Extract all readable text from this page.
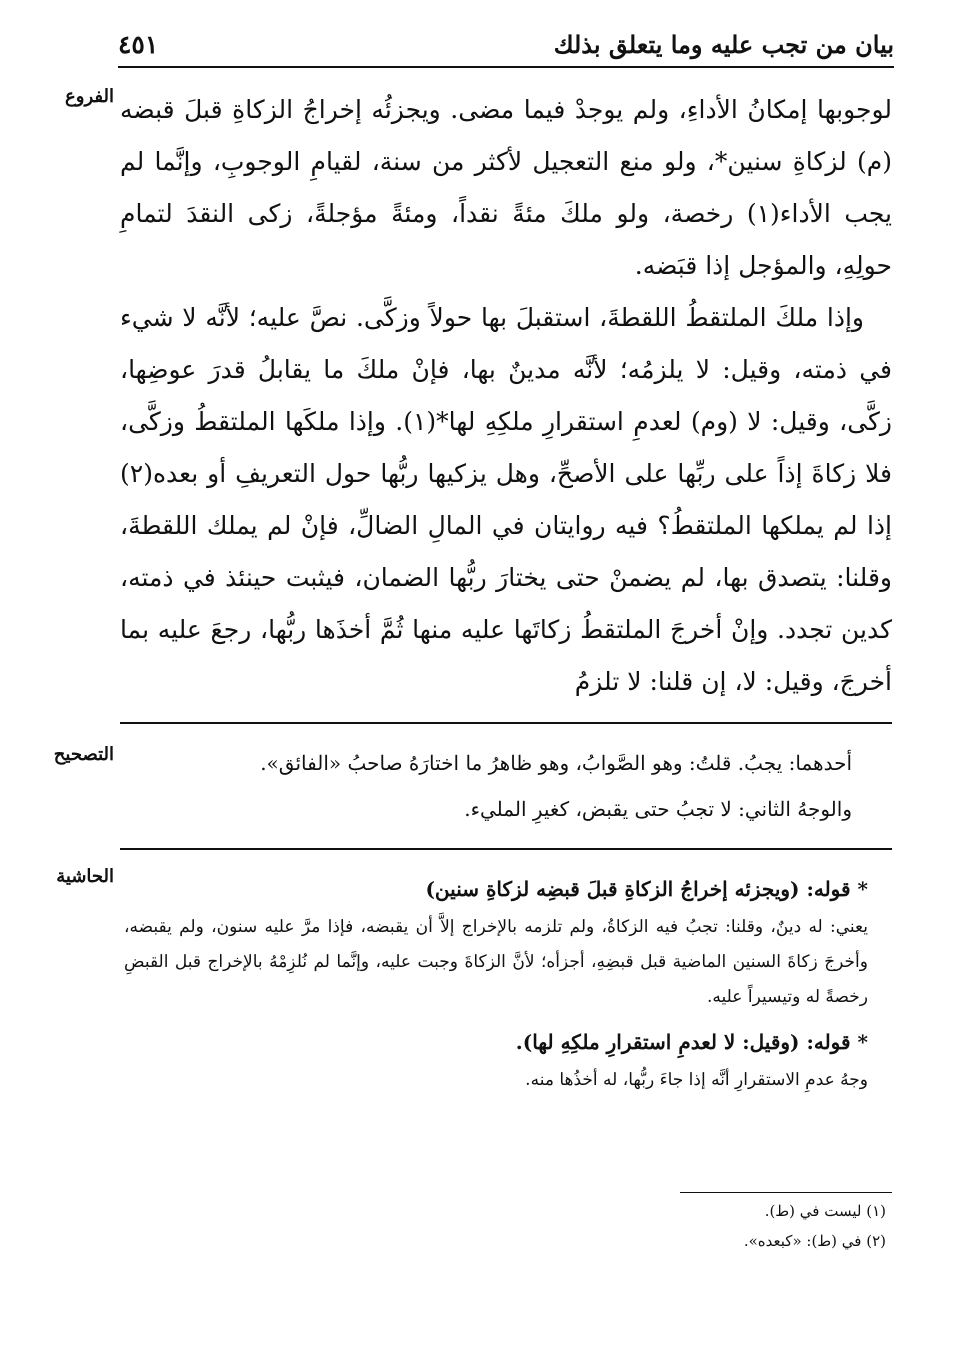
بيان من تجب عليه وما يتعلق بذلك
٤٥١
الفروع لوجوبها إمكانُ الأداءِ، ولم يوجدْ فيما مضى. ويجزئُه إخراجُ الزكاةِ قبلَ قبضه (م) لزكاةِ سنين*، ولو منع التعجيل لأكثر من سنة، لقيامِ الوجوبِ، وإنَّما لم يجب الأداء(١) رخصة، ولو ملكَ مئةً نقداً، ومئةً مؤجلةً، زكى النقدَ لتمامِ حولِهِ، والمؤجل إذا قبَضه.

وإذا ملكَ الملتقطُ اللقطةَ، استقبلَ بها حولاً وزكَّى. نصَّ عليه؛ لأنَّه لا شيء في ذمته، وقيل: لا يلزمُه؛ لأنَّه مدينٌ بها، فإنْ ملكَ ما يقابلُ قدرَ عوضِها، زكَّى، وقيل: لا (وم) لعدمِ استقرارِ ملكِهِ لها*(١). وإذا ملكَها الملتقطُ وزكَّى، فلا زكاةَ إذاً على ربِّها على الأصحِّ، وهل يزكيها ربُّها حول التعريفِ أو بعده(٢) إذا لم يملكها الملتقطُ؟ فيه روايتان في المالِ الضالِّ، فإنْ لم يملك اللقطةَ، وقلنا: يتصدق بها، لم يضمنْ حتى يختارَ ربُّها الضمان، فيثبت حينئذ في ذمته، كدين تجدد. وإنْ أخرجَ الملتقطُ زكاتَها عليه منها ثُمَّ أخذَها ربُّها، رجعَ عليه بما أخرجَ، وقيل: لا، إن قلنا: لا تلزمُ

التصحيح	أحدهما: يجبُ. قلتُ: وهو الصَّوابُ، وهو ظاهرُ ما اختارَهُ صاحبُ «الفائق».

والوجهُ الثاني: لا تجبُ حتى يقبض، كغيرِ المليء.

الحاشية

* قوله: (ويجزئه إخراجُ الزكاةِ قبلَ قبضِه لزكاةِ سنين)

يعني: له دينٌ، وقلنا: تجبُ فيه الزكاةُ، ولم تلزمه بالإخراج إلاَّ أن يقبضه، فإذا مرَّ عليه سنون، ولم يقبضه، وأخرجَ زكاةَ السنين الماضية قبل قبضِهِ، أجزأه؛ لأنَّ الزكاةَ وجبت عليه، وإنَّما لم نُلزِمْهُ بالإخراج قبل القبضِ رخصةً له وتيسيراً عليه.

* قوله: (وقيل: لا لعدمِ استقرارِ ملكِهِ لها).

وجهُ عدمِ الاستقرارِ أنَّه إذا جاءَ ربُّها، له أخذُها منه.

(١) ليست في (ط).

(٢) في (ط): «كبعده».
